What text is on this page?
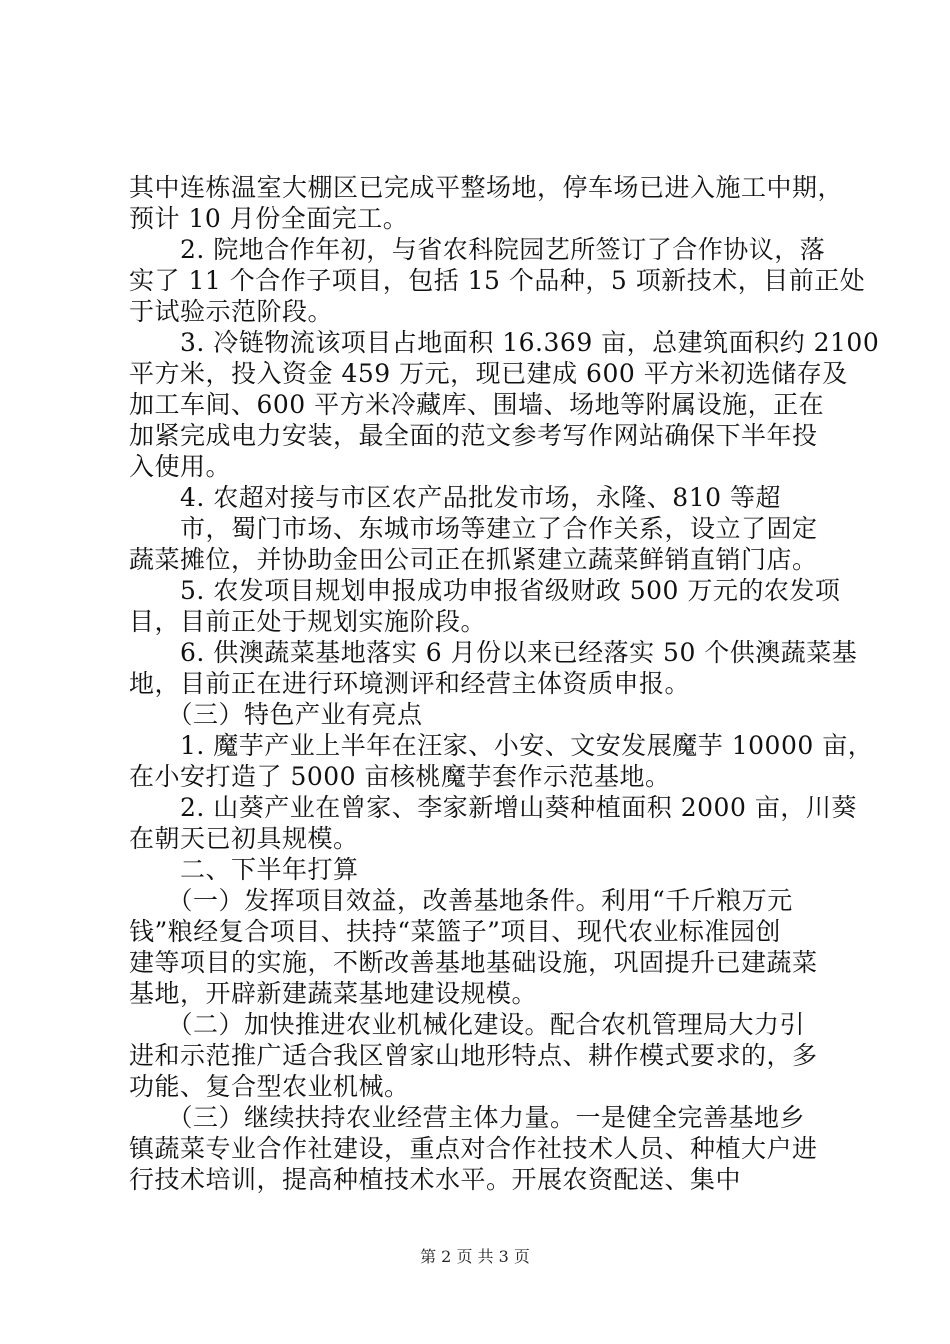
其中连栋温室大棚区已完成平整场地，停车场已进入施工中期，
预计 10 月份全面完工。
　　2. 院地合作年初，与省农科院园艺所签订了合作协议，落
实了 11 个合作子项目，包括 15 个品种，5 项新技术，目前正处
于试验示范阶段。
　　3. 冷链物流该项目占地面积 16.369 亩，总建筑面积约 2100
平方米，投入资金 459 万元，现已建成 600 平方米初选储存及
加工车间、600 平方米冷藏库、围墙、场地等附属设施，正在
加紧完成电力安装，最全面的范文参考写作网站确保下半年投
入使用。
　　4. 农超对接与市区农产品批发市场，永隆、810 等超
　　市，蜀门市场、东城市场等建立了合作关系，设立了固定
蔬菜摊位，并协助金田公司正在抓紧建立蔬菜鲜销直销门店。
　　5. 农发项目规划申报成功申报省级财政 500 万元的农发项
目，目前正处于规划实施阶段。
　　6. 供澳蔬菜基地落实 6 月份以来已经落实 50 个供澳蔬菜基
地，目前正在进行环境测评和经营主体资质申报。
　　（三）特色产业有亮点
　　1. 魔芋产业上半年在汪家、小安、文安发展魔芋 10000 亩，
在小安打造了 5000 亩核桃魔芋套作示范基地。
　　2. 山葵产业在曾家、李家新增山葵种植面积 2000 亩，川葵
在朝天已初具规模。
　　二、下半年打算
　　（一）发挥项目效益，改善基地条件。利用“千斤粮万元
钱”粮经复合项目、扶持“菜篮子”项目、现代农业标准园创
建等项目的实施，不断改善基地基础设施，巩固提升已建蔬菜
基地，开辟新建蔬菜基地建设规模。
　　（二）加快推进农业机械化建设。配合农机管理局大力引
进和示范推广适合我区曾家山地形特点、耕作模式要求的，多
功能、复合型农业机械。
　　（三）继续扶持农业经营主体力量。一是健全完善基地乡
镇蔬菜专业合作社建设，重点对合作社技术人员、种植大户进
行技术培训，提高种植技术水平。开展农资配送、集中
第 2 页 共 3 页
